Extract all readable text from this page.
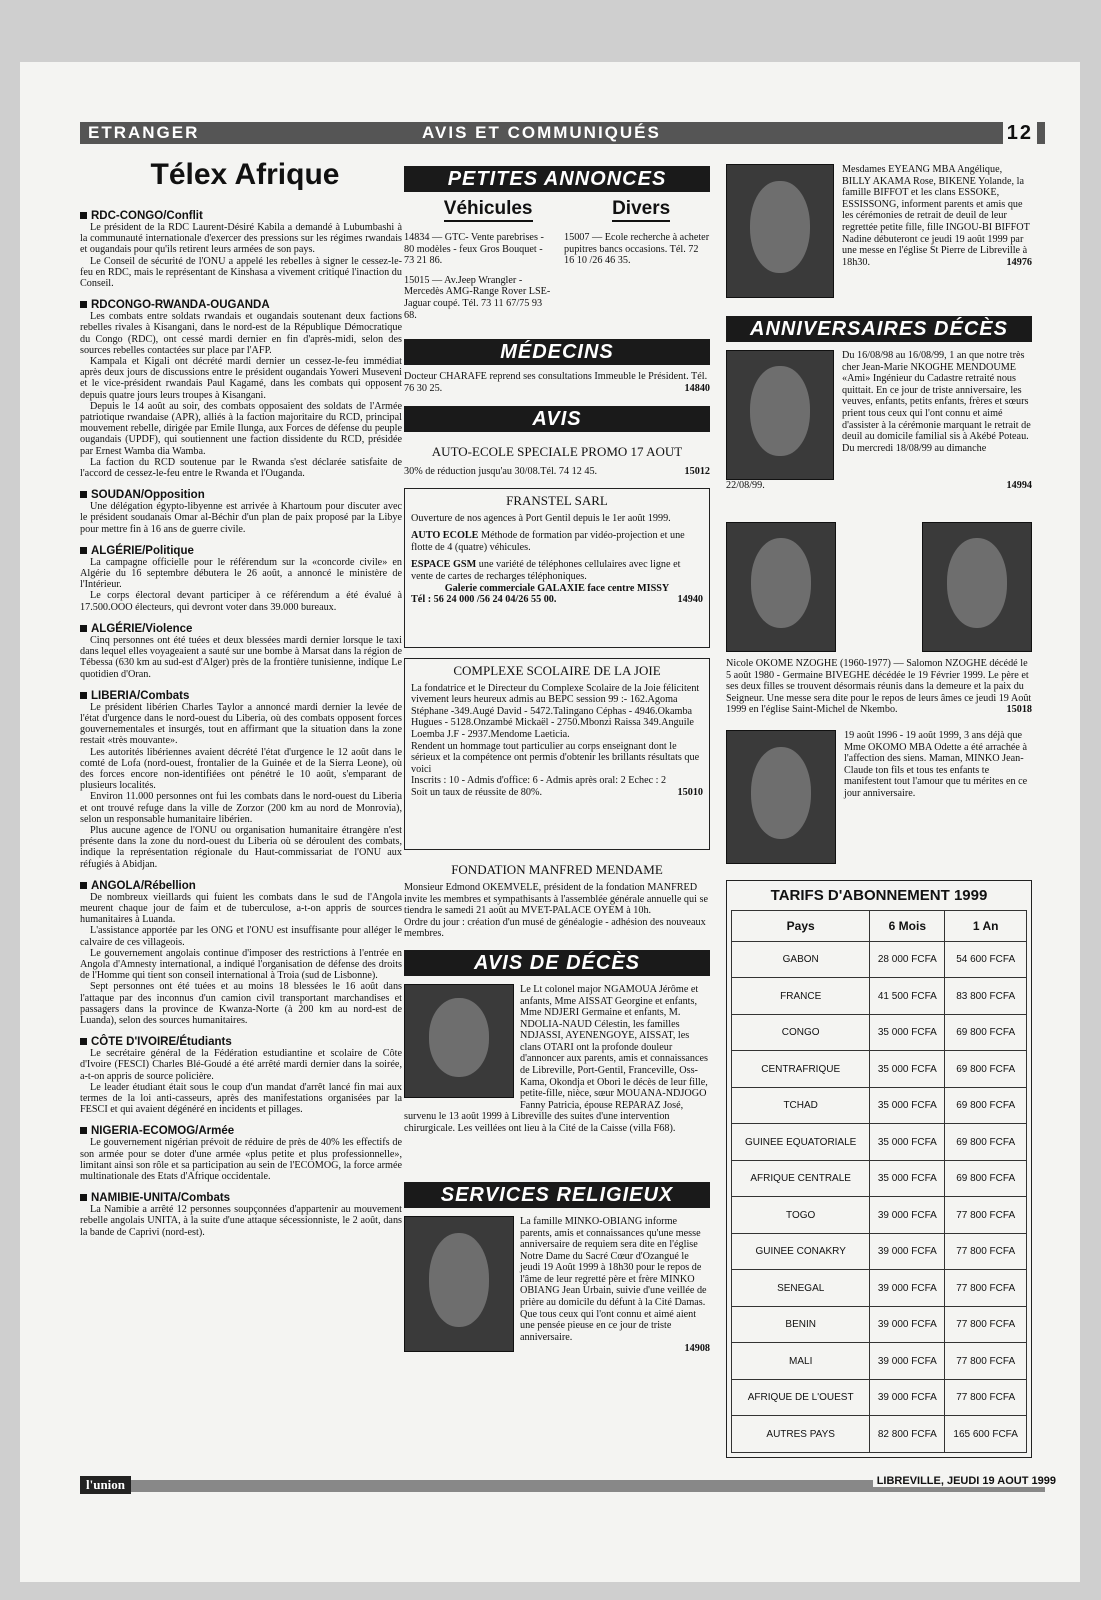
ETRANGER	AVIS ET COMMUNIQUÉS	12
Télex Afrique
RDC-CONGO/Conflit

Le président de la RDC Laurent-Désiré Kabila a demandé à Lubumbashi à la communauté internationale d'exercer des pressions sur les régimes rwandais et ougandais pour qu'ils retirent leurs armées de son pays.

Le Conseil de sécurité de l'ONU a appelé les rebelles à signer le cessez-le-feu en RDC, mais le représentant de Kinshasa a vivement critiqué l'inaction du Conseil.

RDCONGO-RWANDA-OUGANDA

Les combats entre soldats rwandais et ougandais soutenant deux factions rebelles rivales à Kisangani, dans le nord-est de la République Démocratique du Congo (RDC), ont cessé mardi dernier en fin d'après-midi, selon des sources rebelles contactées sur place par l'AFP.

Kampala et Kigali ont décrété mardi dernier un cessez-le-feu immédiat après deux jours de discussions entre le président ougandais Yoweri Museveni et le vice-président rwandais Paul Kagamé, dans les combats qui opposent depuis quatre jours leurs troupes à Kisangani.

Depuis le 14 août au soir, des combats opposaient des soldats de l'Armée patriotique rwandaise (APR), alliés à la faction majoritaire du RCD, principal mouvement rebelle, dirigée par Emile Ilunga, aux Forces de défense du peuple ougandais (UPDF), qui soutiennent une faction dissidente du RCD, présidée par Ernest Wamba dia Wamba.

La faction du RCD soutenue par le Rwanda s'est déclarée satisfaite de l'accord de cessez-le-feu entre le Rwanda et l'Ouganda.

SOUDAN/Opposition

Une délégation égypto-libyenne est arrivée à Khartoum pour discuter avec le président soudanais Omar al-Béchir d'un plan de paix proposé par la Libye pour mettre fin à 16 ans de guerre civile.

ALGÉRIE/Politique

La campagne officielle pour le référendum sur la «concorde civile» en Algérie du 16 septembre débutera le 26 août, a annoncé le ministère de l'Intérieur.

Le corps électoral devant participer à ce référendum a été évalué à 17.500.OOO électeurs, qui devront voter dans 39.000 bureaux.

ALGÉRIE/Violence

Cinq personnes ont été tuées et deux blessées mardi dernier lorsque le taxi dans lequel elles voyageaient a sauté sur une bombe à Marsat dans la région de Tébessa (630 km au sud-est d'Alger) près de la frontière tunisienne, indique Le quotidien d'Oran.

LIBERIA/Combats

Le président libérien Charles Taylor a annoncé mardi dernier la levée de l'état d'urgence dans le nord-ouest du Liberia, où des combats opposent forces gouvernementales et insurgés, tout en affirmant que la situation dans la zone restait «très mouvante».

Les autorités libériennes avaient décrété l'état d'urgence le 12 août dans le comté de Lofa (nord-ouest, frontalier de la Guinée et de la Sierra Leone), où des forces encore non-identifiées ont pénétré le 10 août, s'emparant de plusieurs localités.

Environ 11.000 personnes ont fui les combats dans le nord-ouest du Liberia et ont trouvé refuge dans la ville de Zorzor (200 km au nord de Monrovia), selon un responsable humanitaire libérien.

Plus aucune agence de l'ONU ou organisation humanitaire étrangère n'est présente dans la zone du nord-ouest du Liberia où se déroulent des combats, indique la représentation régionale du Haut-commissariat de l'ONU aux réfugiés à Abidjan.

ANGOLA/Rébellion

De nombreux vieillards qui fuient les combats dans le sud de l'Angola meurent chaque jour de faim et de tuberculose, a-t-on appris de sources humanitaires à Luanda.

L'assistance apportée par les ONG et l'ONU est insuffisante pour alléger le calvaire de ces villageois.

Le gouvernement angolais continue d'imposer des restrictions à l'entrée en Angola d'Amnesty international, a indiqué l'organisation de défense des droits de l'Homme qui tient son conseil international à Troia (sud de Lisbonne).

Sept personnes ont été tuées et au moins 18 blessées le 16 août dans l'attaque par des inconnus d'un camion civil transportant marchandises et passagers dans la province de Kwanza-Norte (à 200 km au nord-est de Luanda), selon des sources humanitaires.

CÔTE D'IVOIRE/Étudiants

Le secrétaire général de la Fédération estudiantine et scolaire de Côte d'Ivoire (FESCI) Charles Blé-Goudé a été arrêté mardi dernier dans la soirée, a-t-on appris de source policière.

Le leader étudiant était sous le coup d'un mandat d'arrêt lancé fin mai aux termes de la loi anti-casseurs, après des manifestations organisées par la FESCI et qui avaient dégénéré en incidents et pillages.

NIGERIA-ECOMOG/Armée

Le gouvernement nigérian prévoit de réduire de près de 40% les effectifs de son armée pour se doter d'une armée «plus petite et plus professionnelle», limitant ainsi son rôle et sa participation au sein de l'ECOMOG, la force armée multinationale des Etats d'Afrique occidentale.

NAMIBIE-UNITA/Combats

La Namibie a arrêté 12 personnes soupçonnées d'appartenir au mouvement rebelle angolais UNITA, à la suite d'une attaque sécessionniste, le 2 août, dans la bande de Caprivi (nord-est).

PETITES ANNONCES
Véhicules	Divers
14834 — GTC- Vente parebrises - 80 modèles - feux Gros Bouquet - 73 21 86.
15015 — Av.Jeep Wrangler - Mercedès AMG-Range Rover LSE-Jaguar coupé. Tél. 73 11 67/75 93 68.
15007 — Ecole recherche à acheter pupitres bancs occasions. Tél. 72 16 10 /26 46 35.
MÉDECINS
Docteur CHARAFE reprend ses consultations Immeuble le Président. Tél. 76 30 25.	14840
AVIS
AUTO-ECOLE SPECIALE PROMO 17 AOUT
30% de réduction jusqu'au 30/08.Tél. 74 12 45.	15012
FRANSTEL SARL
Ouverture de nos agences à Port Gentil depuis le 1er août 1999.
AUTO ECOLE Méthode de formation par vidéo-projection et une flotte de 4 (quatre) véhicules.
ESPACE GSM une variété de téléphones cellulaires avec ligne et vente de cartes de recharges téléphoniques.
Galerie commerciale GALAXIE face centre MISSY
Tél : 56 24 000 /56 24 04/26 55 00.	14940
COMPLEXE SCOLAIRE DE LA JOIE
La fondatrice et le Directeur du Complexe Scolaire de la Joie félicitent vivement leurs heureux admis au BEPC session 99 :- 162.Agoma Stéphane -349.Augé David - 5472.Talingano Céphas - 4946.Okamba Hugues - 5128.Onzambé Mickaël - 2750.Mbonzi Raissa 349.Anguile Loemba J.F - 2937.Mendome Laeticia.
Rendent un hommage tout particulier au corps enseignant dont le sérieux et la compétence ont permis d'obtenir les brillants résultats que voici
Inscrits : 10 - Admis d'office: 6 - Admis après oral: 2 Echec : 2
Soit un taux de réussite de 80%.	15010
FONDATION MANFRED MENDAME
Monsieur Edmond OKEMVELE, président de la fondation MANFRED invite les membres et sympathisants à l'assemblée générale annuelle qui se tiendra le samedi 21 août au MVET-PALACE OYEM à 10h.
Ordre du jour : création d'un musé de généalogie - adhésion des nouveaux membres.
AVIS DE DÉCÈS
Le Lt colonel major NGAMOUA Jérôme et anfants, Mme AISSAT Georgine et enfants, Mme NDJERI Germaine et enfants, M. NDOLIA-NAUD Célestin, les familles NDJASSI, AYENENGOYE, AISSAT, les clans OTARI ont la profonde douleur d'annoncer aux parents, amis et connaissances de Libreville, Port-Gentil, Franceville, Oss-Kama, Okondja et Obori le décès de leur fille, petite-fille, nièce, sœur MOUANA-NDJOGO Fanny Patricia, épouse REPARAZ José, survenu le 13 août 1999 à Libreville des suites d'une intervention chirurgicale. Les veillées ont lieu à la Cité de la Caisse (villa F68).
SERVICES RELIGIEUX
La famille MINKO-OBIANG informe parents, amis et connaissances qu'une messe anniversaire de requiem sera dite en l'église Notre Dame du Sacré Cœur d'Ozangué le jeudi 19 Août 1999 à 18h30 pour le repos de l'âme de leur regretté père et frère MINKO OBIANG Jean Urbain, suivie d'une veillée de prière au domicile du défunt à la Cité Damas.
Que tous ceux qui l'ont connu et aimé aient une pensée pieuse en ce jour de triste anniversaire.
14908
Mesdames EYEANG MBA Angélique, BILLY AKAMA Rose, BIKENE Yolande, la famille BIFFOT et les clans ESSOKE, ESSISSONG, informent parents et amis que les cérémonies de retrait de deuil de leur regrettée petite fille, fille INGOU-BI BIFFOT Nadine débuteront ce jeudi 19 août 1999 par une messe en l'église St Pierre de Libreville à 18h30.	14976
ANNIVERSAIRES DÉCÈS
Du 16/08/98 au 16/08/99, 1 an que notre très cher Jean-Marie NKOGHE MENDOUME «Ami» Ingénieur du Cadastre retraité nous quittait. En ce jour de triste anniversaire, les veuves, enfants, petits enfants, frères et sœurs prient tous ceux qui l'ont connu et aimé d'assister à la cérémonie marquant le retrait de deuil au domicile familial sis à Akébé Poteau. Du mercredi 18/08/99 au dimanche
22/08/99.	14994
Nicole OKOME NZOGHE (1960-1977) — Salomon NZOGHE décédé le 5 août 1980 - Germaine BIVEGHE décédée le 19 Février 1999. Le père et ses deux filles se trouvent désormais réunis dans la demeure et la paix du Seigneur. Une messe sera dite pour le repos de leurs âmes ce jeudi 19 Août 1999 en l'église Saint-Michel de Nkembo.	15018
19 août 1996 - 19 août 1999, 3 ans déjà que Mme OKOMO MBA Odette a été arrachée à l'affection des siens. Maman, MINKO Jean-Claude ton fils et tous tes enfants te manifestent tout l'amour que tu mérites en ce jour anniversaire.
TARIFS D'ABONNEMENT 1999
Pays	6 Mois	1 An
GABON	28 000 FCFA	54 600 FCFA
FRANCE	41 500 FCFA	83 800 FCFA
CONGO	35 000 FCFA	69 800 FCFA
CENTRAFRIQUE	35 000 FCFA	69 800 FCFA
TCHAD	35 000 FCFA	69 800 FCFA
GUINEE EQUATORIALE	35 000 FCFA	69 800 FCFA
AFRIQUE CENTRALE	35 000 FCFA	69 800 FCFA
TOGO	39 000 FCFA	77 800 FCFA
GUINEE CONAKRY	39 000 FCFA	77 800 FCFA
SENEGAL	39 000 FCFA	77 800 FCFA
BENIN	39 000 FCFA	77 800 FCFA
MALI	39 000 FCFA	77 800 FCFA
AFRIQUE DE L'OUEST	39 000 FCFA	77 800 FCFA
AUTRES PAYS	82 800 FCFA	165 600 FCFA
l'union	LIBREVILLE, JEUDI 19 AOUT 1999
